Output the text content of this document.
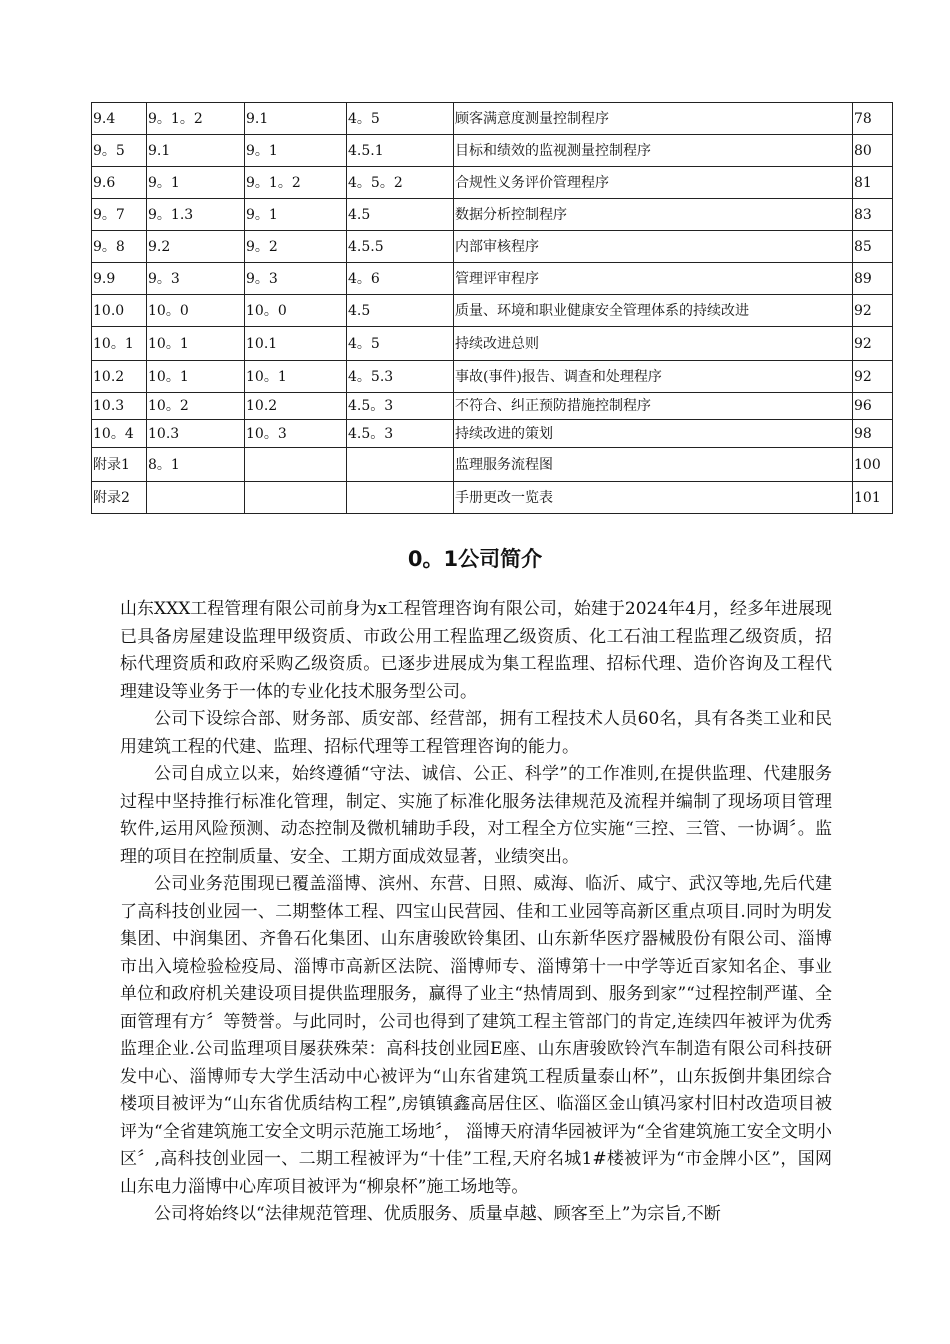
9.4	9。1。2	9.1	4。5	顾客满意度测量控制程序	78
9。5	9.1	9。1	4.5.1	目标和绩效的监视测量控制程序	80
9.6	9。1	9。1。2	4。5。2	合规性义务评价管理程序	81
9。7	9。1.3	9。1	4.5	数据分析控制程序	83
9。8	9.2	9。2	4.5.5	内部审核程序	85
9.9	9。3	9。3	4。6	管理评审程序	89
10.0	10。0	10。0	4.5	质量、环境和职业健康安全管理体系的持续改进	92
10。1	10。1	10.1	4。5	持续改进总则	92
10.2	10。1	10。1	4。5.3	事故(事件)报告、调查和处理程序	92
10.3	10。2	10.2	4.5。3	不符合、纠正预防措施控制程序	96
10。4	10.3	10。3	4.5。3	持续改进的策划	98
附录1	8。1			监理服务流程图	100
附录2				手册更改一览表	101
0。1公司简介

山东XXX工程管理有限公司前身为x工程管理咨询有限公司，始建于2024年4月，经多年进展现已具备房屋建设监理甲级资质、市政公用工程监理乙级资质、化工石油工程监理乙级资质，招标代理资质和政府采购乙级资质。已逐步进展成为集工程监理、招标代理、造价咨询及工程代理建设等业务于一体的专业化技术服务型公司。

公司下设综合部、财务部、质安部、经营部，拥有工程技术人员60名，具有各类工业和民用建筑工程的代建、监理、招标代理等工程管理咨询的能力。

公司自成立以来，始终遵循“守法、诚信、公正、科学”的工作准则,在提供监理、代建服务过程中坚持推行标准化管理，制定、实施了标准化服务法律规范及流程并编制了现场项目管理软件,运用风险预测、动态控制及微机辅助手段，对工程全方位实施“三控、三管、一协调〞。监理的项目在控制质量、安全、工期方面成效显著，业绩突出。

公司业务范围现已覆盖淄博、滨州、东营、日照、威海、临沂、咸宁、武汉等地,先后代建了高科技创业园一、二期整体工程、四宝山民营园、佳和工业园等高新区重点项目.同时为明发集团、中润集团、齐鲁石化集团、山东唐骏欧铃集团、山东新华医疗器械股份有限公司、淄博市出入境检验检疫局、淄博市高新区法院、淄博师专、淄博第十一中学等近百家知名企、事业单位和政府机关建设项目提供监理服务，赢得了业主“热情周到、服务到家”“过程控制严谨、全面管理有方〞等赞誉。与此同时，公司也得到了建筑工程主管部门的肯定,连续四年被评为优秀监理企业.公司监理项目屡获殊荣：高科技创业园E座、山东唐骏欧铃汽车制造有限公司科技研发中心、淄博师专大学生活动中心被评为“山东省建筑工程质量泰山杯”，山东扳倒井集团综合楼项目被评为“山东省优质结构工程”,房镇镇鑫高居住区、临淄区金山镇冯家村旧村改造项目被评为“全省建筑施工安全文明示范施工场地〞， 淄博天府清华园被评为“全省建筑施工安全文明小区〞,高科技创业园一、二期工程被评为“十佳”工程,天府名城1#楼被评为“市金牌小区”，国网山东电力淄博中心库项目被评为“柳泉杯”施工场地等。

公司将始终以“法律规范管理、优质服务、质量卓越、顾客至上”为宗旨,不断
